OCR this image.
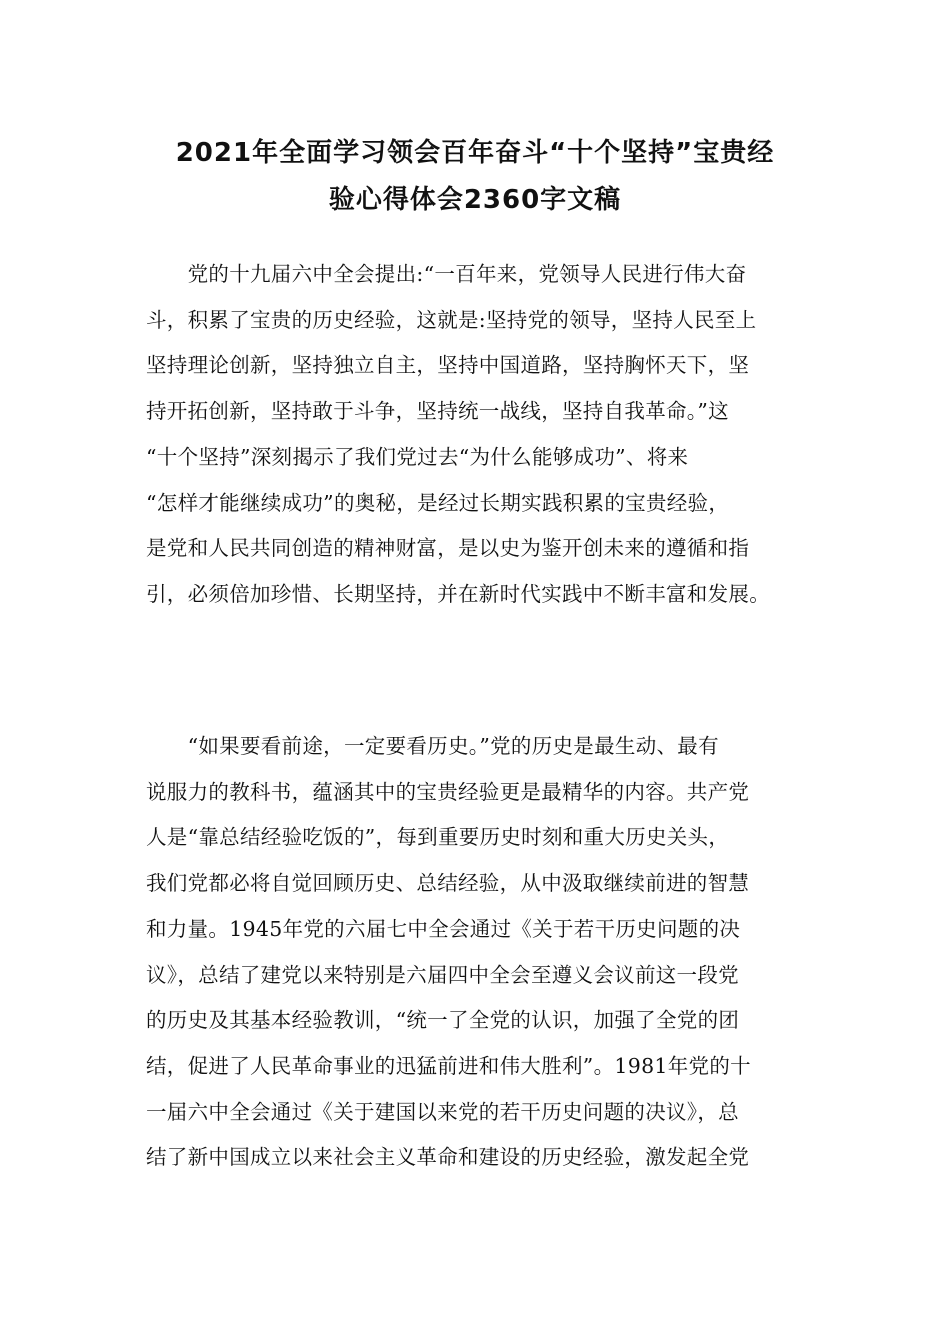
2021年全面学习领会百年奋斗“十个坚持”宝贵经
验心得体会2360字文稿
　　党的十九届六中全会提出:“一百年来，党领导人民进行伟大奋
斗，积累了宝贵的历史经验，这就是:坚持党的领导，坚持人民至上
坚持理论创新，坚持独立自主，坚持中国道路，坚持胸怀天下，坚
持开拓创新，坚持敢于斗争，坚持统一战线，坚持自我革命。”这
“十个坚持”深刻揭示了我们党过去“为什么能够成功”、将来
“怎样才能继续成功”的奥秘，是经过长期实践积累的宝贵经验，
是党和人民共同创造的精神财富，是以史为鉴开创未来的遵循和指
引，必须倍加珍惜、长期坚持，并在新时代实践中不断丰富和发展。
　　“如果要看前途，一定要看历史。”党的历史是最生动、最有
说服力的教科书，蕴涵其中的宝贵经验更是最精华的内容。共产党
人是“靠总结经验吃饭的”，每到重要历史时刻和重大历史关头，
我们党都必将自觉回顾历史、总结经验，从中汲取继续前进的智慧
和力量。1945年党的六届七中全会通过《关于若干历史问题的决
议》，总结了建党以来特别是六届四中全会至遵义会议前这一段党
的历史及其基本经验教训，“统一了全党的认识，加强了全党的团
结，促进了人民革命事业的迅猛前进和伟大胜利”。1981年党的十
一届六中全会通过《关于建国以来党的若干历史问题的决议》，总
结了新中国成立以来社会主义革命和建设的历史经验，激发起全党
